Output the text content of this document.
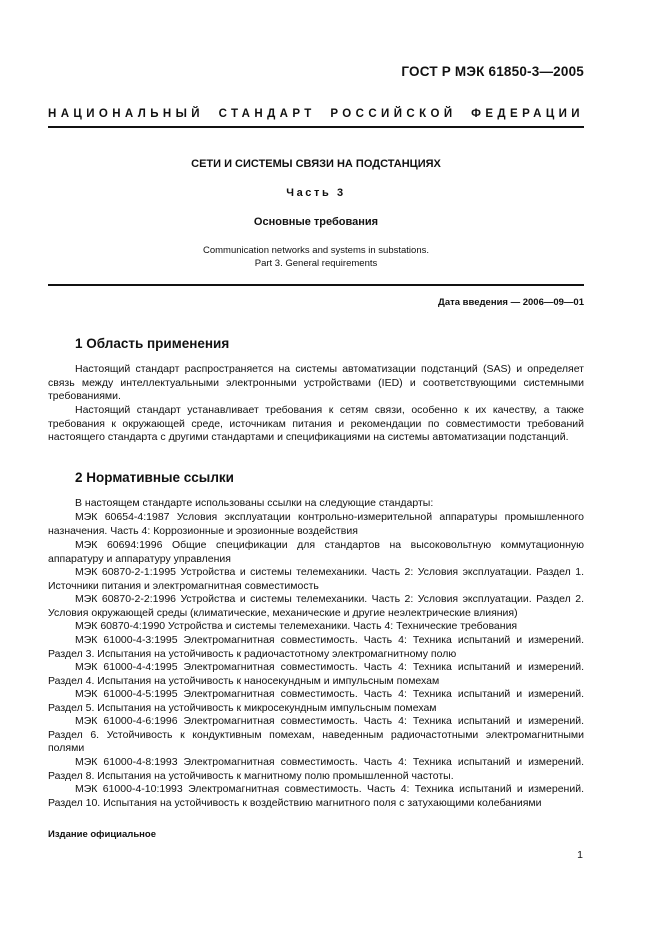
ГОСТ Р МЭК 61850-3—2005
НАЦИОНАЛЬНЫЙ СТАНДАРТ РОССИЙСКОЙ ФЕДЕРАЦИИ
СЕТИ И СИСТЕМЫ СВЯЗИ НА ПОДСТАНЦИЯХ
Часть 3
Основные требования
Communication networks and systems in substations.
Part 3. General requirements
Дата введения — 2006—09—01
1 Область применения
Настоящий стандарт распространяется на системы автоматизации подстанций (SAS) и определяет связь между интеллектуальными электронными устройствами (IED) и соответствующими системными требованиями.
Настоящий стандарт устанавливает требования к сетям связи, особенно к их качеству, а также требования к окружающей среде, источникам питания и рекомендации по совместимости требований настоящего стандарта с другими стандартами и спецификациями на системы автоматизации подстанций.
2 Нормативные ссылки
В настоящем стандарте использованы ссылки на следующие стандарты:
МЭК 60654-4:1987 Условия эксплуатации контрольно-измерительной аппаратуры промышленного назначения. Часть 4: Коррозионные и эрозионные воздействия
МЭК 60694:1996 Общие спецификации для стандартов на высоковольтную коммутационную аппаратуру и аппаратуру управления
МЭК 60870-2-1:1995 Устройства и системы телемеханики. Часть 2: Условия эксплуатации. Раздел 1. Источники питания и электромагнитная совместимость
МЭК 60870-2-2:1996 Устройства и системы телемеханики. Часть 2: Условия эксплуатации. Раздел 2. Условия окружающей среды (климатические, механические и другие неэлектрические влияния)
МЭК 60870-4:1990 Устройства и системы телемеханики. Часть 4: Технические требования
МЭК 61000-4-3:1995 Электромагнитная совместимость. Часть 4: Техника испытаний и измерений. Раздел 3. Испытания на устойчивость к радиочастотному электромагнитному полю
МЭК 61000-4-4:1995 Электромагнитная совместимость. Часть 4: Техника испытаний и измерений. Раздел 4. Испытания на устойчивость к наносекундным и импульсным помехам
МЭК 61000-4-5:1995 Электромагнитная совместимость. Часть 4: Техника испытаний и измерений. Раздел 5. Испытания на устойчивость к микросекундным импульсным помехам
МЭК 61000-4-6:1996 Электромагнитная совместимость. Часть 4: Техника испытаний и измерений. Раздел 6. Устойчивость к кондуктивным помехам, наведенным радиочастотными электромагнитными полями
МЭК 61000-4-8:1993 Электромагнитная совместимость. Часть 4: Техника испытаний и измерений. Раздел 8. Испытания на устойчивость к магнитному полю промышленной частоты.
МЭК 61000-4-10:1993 Электромагнитная совместимость. Часть 4: Техника испытаний и измерений. Раздел 10. Испытания на устойчивость к воздействию магнитного поля с затухающими колебаниями
Издание официальное
1
